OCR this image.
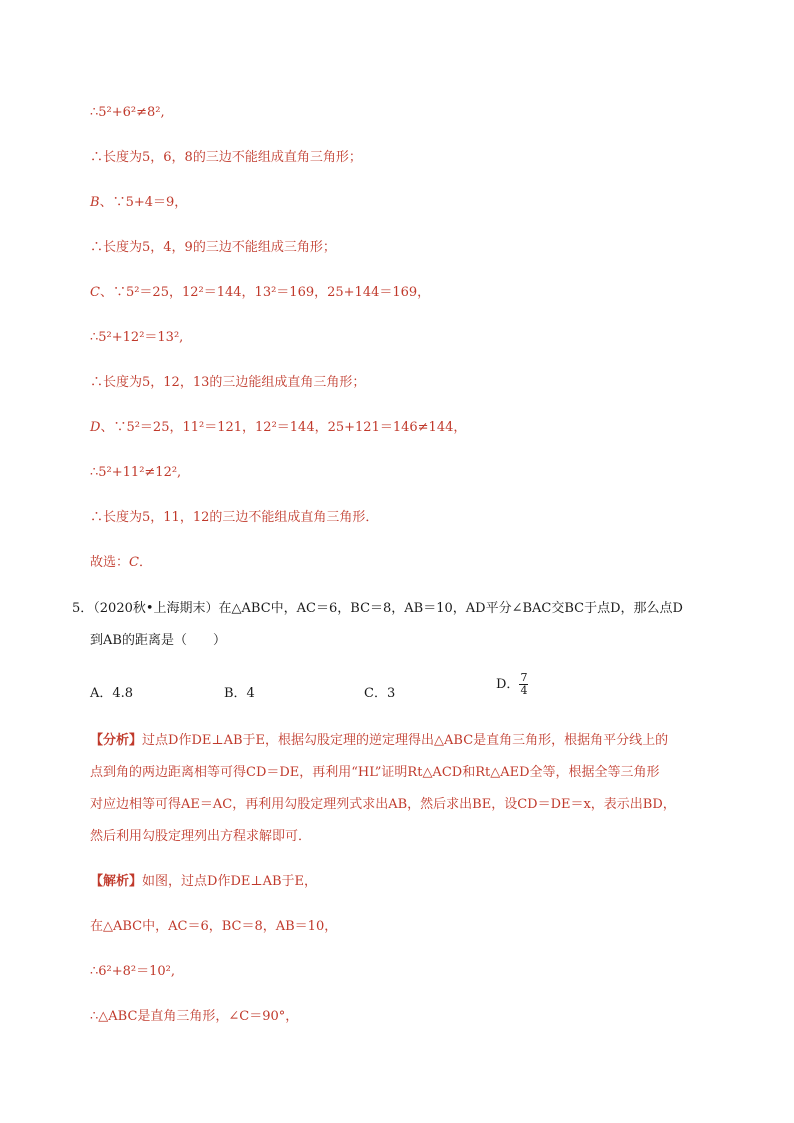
∴5²+6²≠8²,
∴长度为5，6，8的三边不能组成直角三角形；
B、∵5+4＝9，
∴长度为5，4，9的三边不能组成三角形；
C、∵5²＝25，12²＝144，13²＝169，25+144＝169，
∴5²+12²＝13²,
∴长度为5，12，13的三边能组成直角三角形；
D、∵5²＝25，11²＝121，12²＝144，25+121＝146≠144，
∴5²+11²≠12²,
∴长度为5，11，12的三边不能组成直角三角形．
故选：C．
5．（2020秋•上海期末）在△ABC中，AC＝6，BC＝8，AB＝10，AD平分∠BAC交BC于点D，那么点D
到AB的距离是（　　）
A．4.8	B．4	C．3
D． $\frac{7}{4}$
【分析】过点D作DE⊥AB于E，根据勾股定理的逆定理得出△ABC是直角三角形，根据角平分线上的
点到角的两边距离相等可得CD＝DE，再利用“HL”证明Rt△ACD和Rt△AED全等，根据全等三角形
对应边相等可得AE＝AC，再利用勾股定理列式求出AB，然后求出BE，设CD＝DE＝x，表示出BD，
然后利用勾股定理列出方程求解即可．
【解析】如图，过点D作DE⊥AB于E，
在△ABC中，AC＝6，BC＝8，AB＝10，
∴6²+8²＝10²,
∴△ABC是直角三角形，∠C＝90°，
